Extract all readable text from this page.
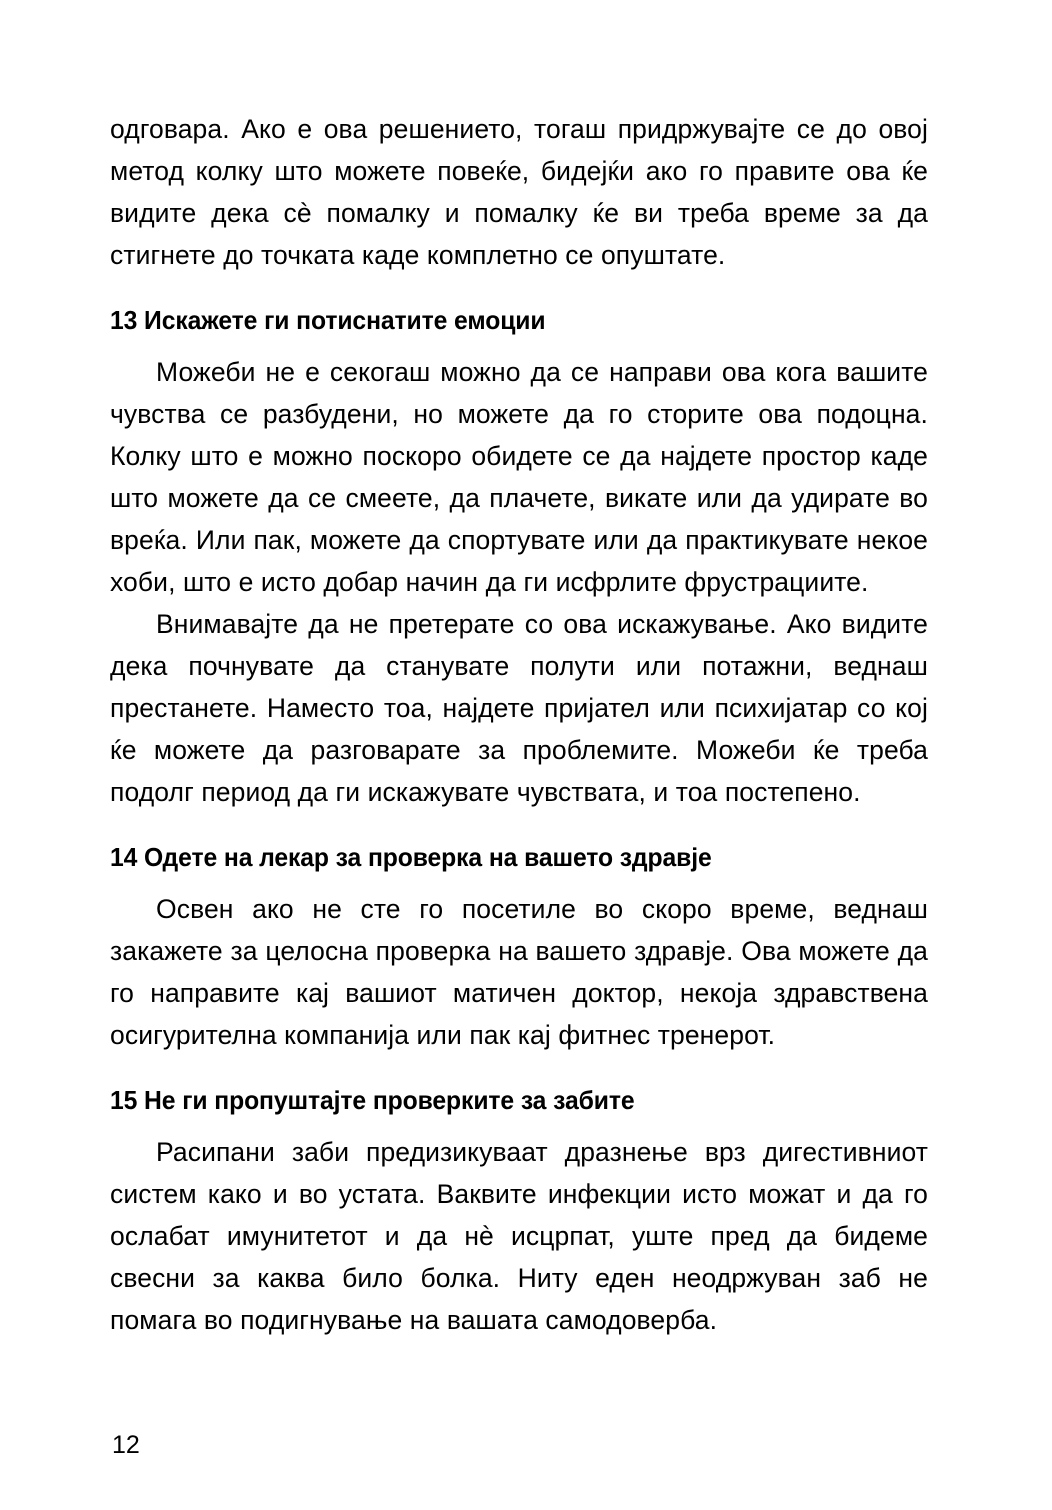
одговара. Ако е ова решението, тогаш придржувајте се до овој метод колку што можете повеќе, бидејќи ако го правите ова ќе видите дека сè помалку и помалку ќе ви треба време за да стигнете до точката каде комплетно се опуштате.

13 Искажете ги потиснатите емоции

Можеби не е секогаш можно да се направи ова кога вашите чувства се разбудени, но можете да го сторите ова подоцна. Колку што е можно поскоро обидете се да најдете простор каде што можете да се смеете, да плачете, викате или да удирате во вреќа. Или пак, можете да спортувате или да практикувате некое хоби, што е исто добар начин да ги исфрлите фрустрациите.

Внимавајте да не претерате со ова искажување. Ако видите дека почнувате да станувате полути или потажни, веднаш престанете. Наместо тоа, најдете пријател или психијатар со кој ќе можете да разговарате за проблемите. Можеби ќе треба подолг период да ги искажувате чувствата, и тоа постепено.

14 Одете на лекар за проверка на вашето здравје

Освен ако не сте го посетиле во скоро време, веднаш закажете за целосна проверка на вашето здравје. Ова можете да го направите кај вашиот матичен доктор, некоја здравствена осигурителна компанија или пак кај фитнес тренерот.

15 Не ги пропуштајте проверките за забите

Расипани заби предизикуваат дразнење врз дигестивниот систем како и во устата. Ваквите инфекции исто можат и да го ослабат имунитетот и да нè исцрпат, уште пред да бидеме свесни за каква било болка. Ниту еден неодржуван заб не помага во подигнување на вашата самодоверба.

12
